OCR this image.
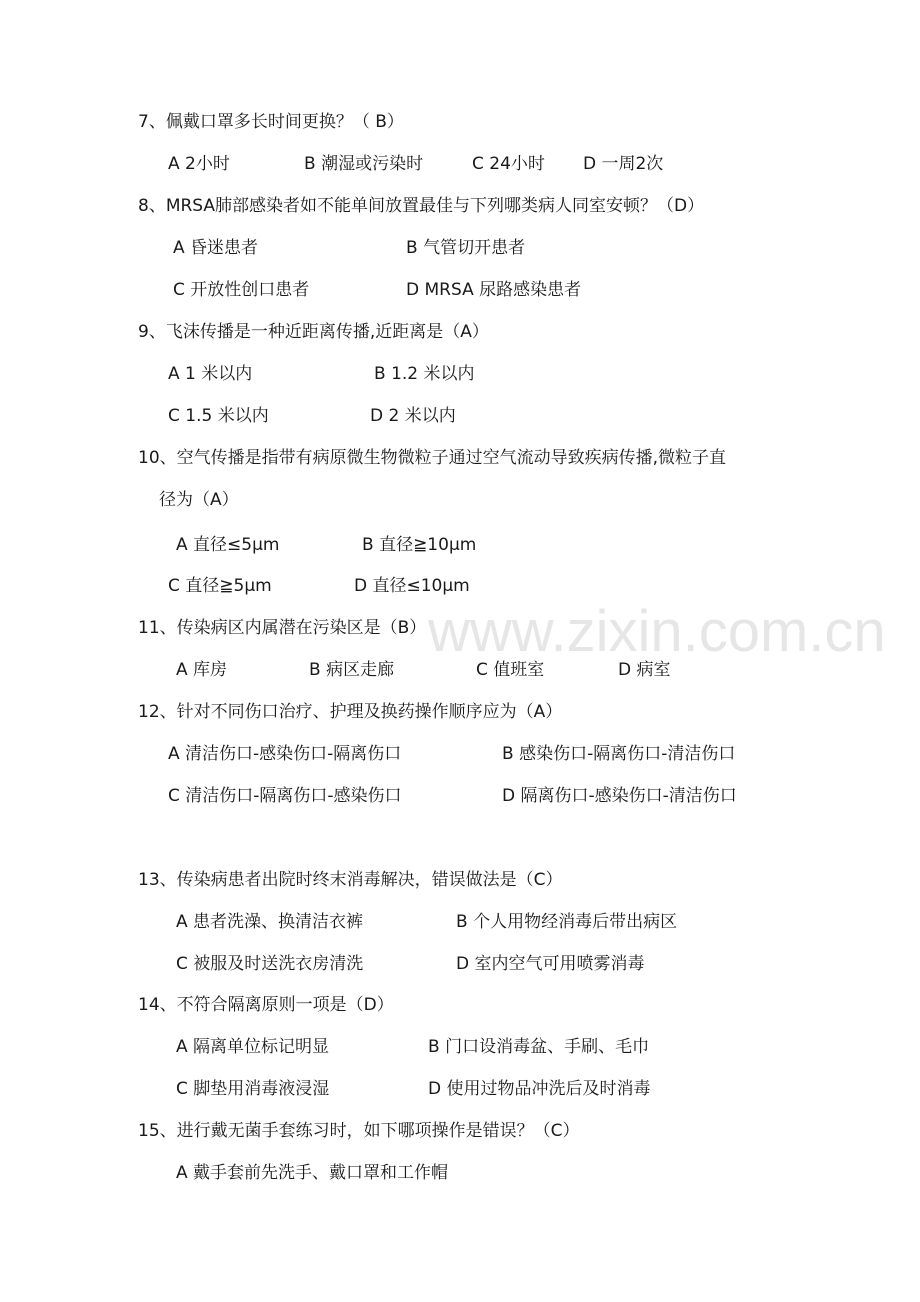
www.zixin.com.cn
7、佩戴口罩多长时间更换？（ B）
A 2小时	B 潮湿或污染时	C 24小时 D 一周2次
8、MRSA肺部感染者如不能单间放置最佳与下列哪类病人同室安顿？（D）
A 昏迷患者	B 气管切开患者
C 开放性创口患者	D MRSA 尿路感染患者
9、飞沫传播是一种近距离传播,近距离是（A）
A 1 米以内	B 1.2 米以内
C 1.5 米以内	D 2 米以内
10、空气传播是指带有病原微生物微粒子通过空气流动导致疾病传播,微粒子直
径为（A）
A 直径≤5μm	B 直径≧10μm
C 直径≧5μm	D 直径≤10μm
11、传染病区内属潜在污染区是（B）
A 库房	B 病区走廊	C 值班室	D 病室
12、针对不同伤口治疗、护理及换药操作顺序应为（A）
A 清洁伤口-感染伤口-隔离伤口	B 感染伤口-隔离伤口-清洁伤口
C 清洁伤口-隔离伤口-感染伤口	D 隔离伤口-感染伤口-清洁伤口
13、传染病患者出院时终末消毒解决，错误做法是（C）
A 患者洗澡、换清洁衣裤	B 个人用物经消毒后带出病区
C 被服及时送洗衣房清洗	D 室内空气可用喷雾消毒
14、不符合隔离原则一项是（D）
A 隔离单位标记明显	B 门口设消毒盆、手刷、毛巾
C 脚垫用消毒液浸湿	D 使用过物品冲洗后及时消毒
15、进行戴无菌手套练习时，如下哪项操作是错误？（C）
A 戴手套前先洗手、戴口罩和工作帽
